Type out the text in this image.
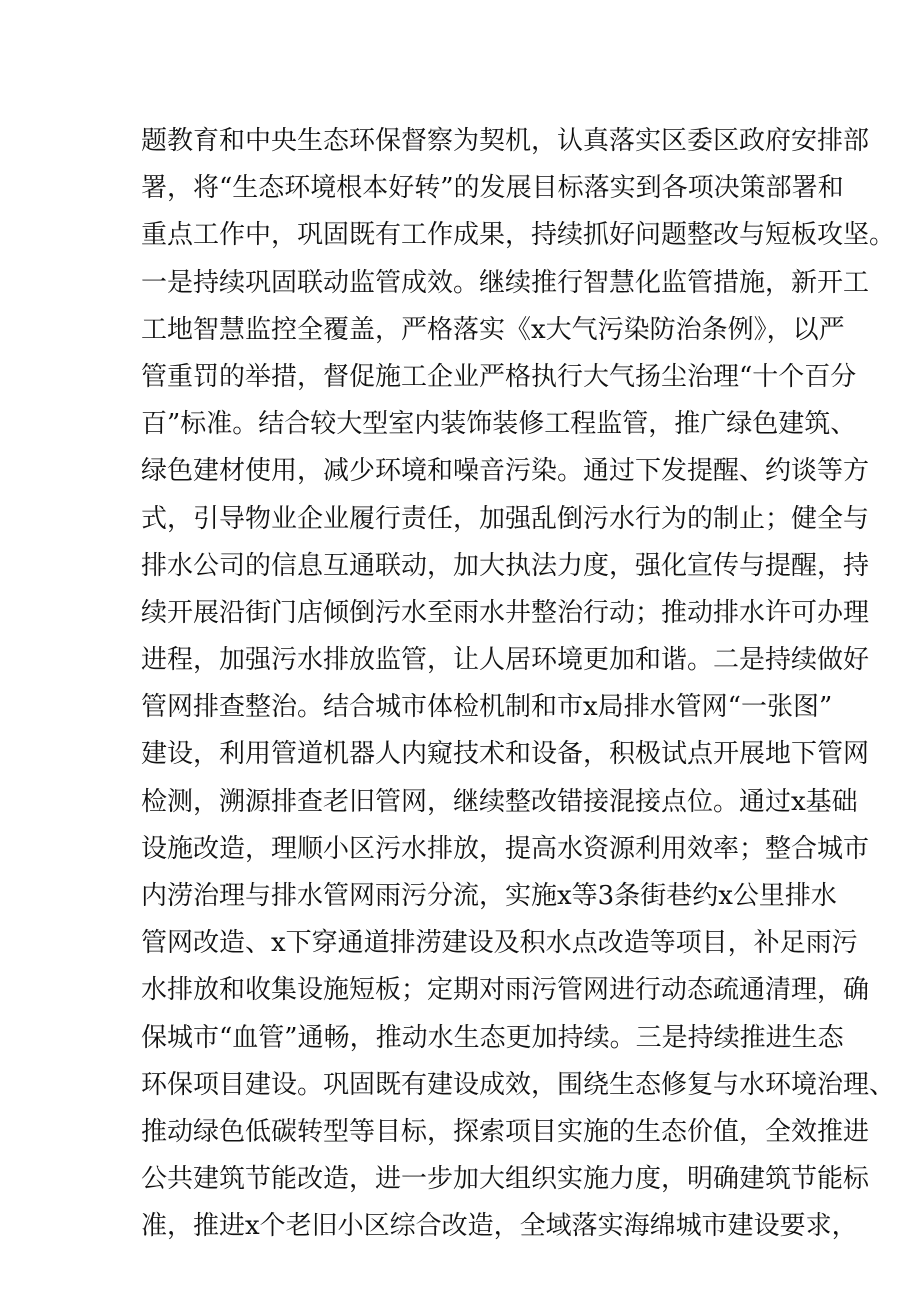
题教育和中央生态环保督察为契机，认真落实区委区政府安排部
署，将“生态环境根本好转”的发展目标落实到各项决策部署和
重点工作中，巩固既有工作成果，持续抓好问题整改与短板攻坚。
一是持续巩固联动监管成效。继续推行智慧化监管措施，新开工
工地智慧监控全覆盖，严格落实《x大气污染防治条例》，以严
管重罚的举措，督促施工企业严格执行大气扬尘治理“十个百分
百”标准。结合较大型室内装饰装修工程监管，推广绿色建筑、
绿色建材使用，减少环境和噪音污染。通过下发提醒、约谈等方
式，引导物业企业履行责任，加强乱倒污水行为的制止；健全与
排水公司的信息互通联动，加大执法力度，强化宣传与提醒，持
续开展沿街门店倾倒污水至雨水井整治行动；推动排水许可办理
进程，加强污水排放监管，让人居环境更加和谐。二是持续做好
管网排查整治。结合城市体检机制和市x局排水管网“一张图”
建设，利用管道机器人内窥技术和设备，积极试点开展地下管网
检测，溯源排查老旧管网，继续整改错接混接点位。通过x基础
设施改造，理顺小区污水排放，提高水资源利用效率；整合城市
内涝治理与排水管网雨污分流，实施x等3条街巷约x公里排水
管网改造、x下穿通道排涝建设及积水点改造等项目，补足雨污
水排放和收集设施短板；定期对雨污管网进行动态疏通清理，确
保城市“血管”通畅，推动水生态更加持续。三是持续推进生态
环保项目建设。巩固既有建设成效，围绕生态修复与水环境治理、
推动绿色低碳转型等目标，探索项目实施的生态价值，全效推进
公共建筑节能改造，进一步加大组织实施力度，明确建筑节能标
准，推进x个老旧小区综合改造，全域落实海绵城市建设要求，
